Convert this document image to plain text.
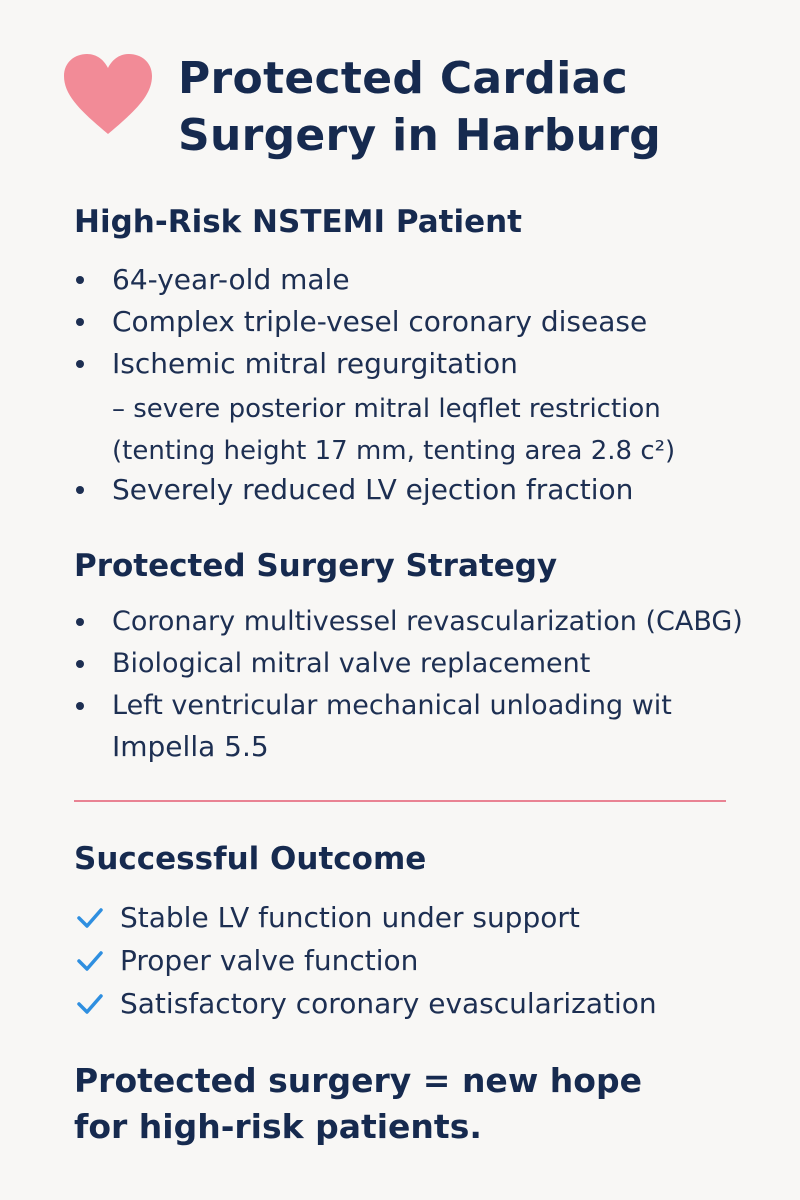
Protected Cardiac
Surgery in Harburg
High-Risk NSTEMI Patient
64-year-old male
Complex triple-vesel coronary disease
Ischemic mitral regurgitation
– severe posterior mitral leqflet restriction
(tenting height 17 mm, tenting area 2.8 c²)
Severely reduced LV ejection fraction
Protected Surgery Strategy
Coronary multivessel revascularization (CABG)
Biological mitral valve replacement
Left ventricular mechanical unloading wit
Impella 5.5
Successful Outcome
Stable LV function under support
Proper valve function
Satisfactory coronary evascularization

Protected surgery = new hope
for high-risk patients.
